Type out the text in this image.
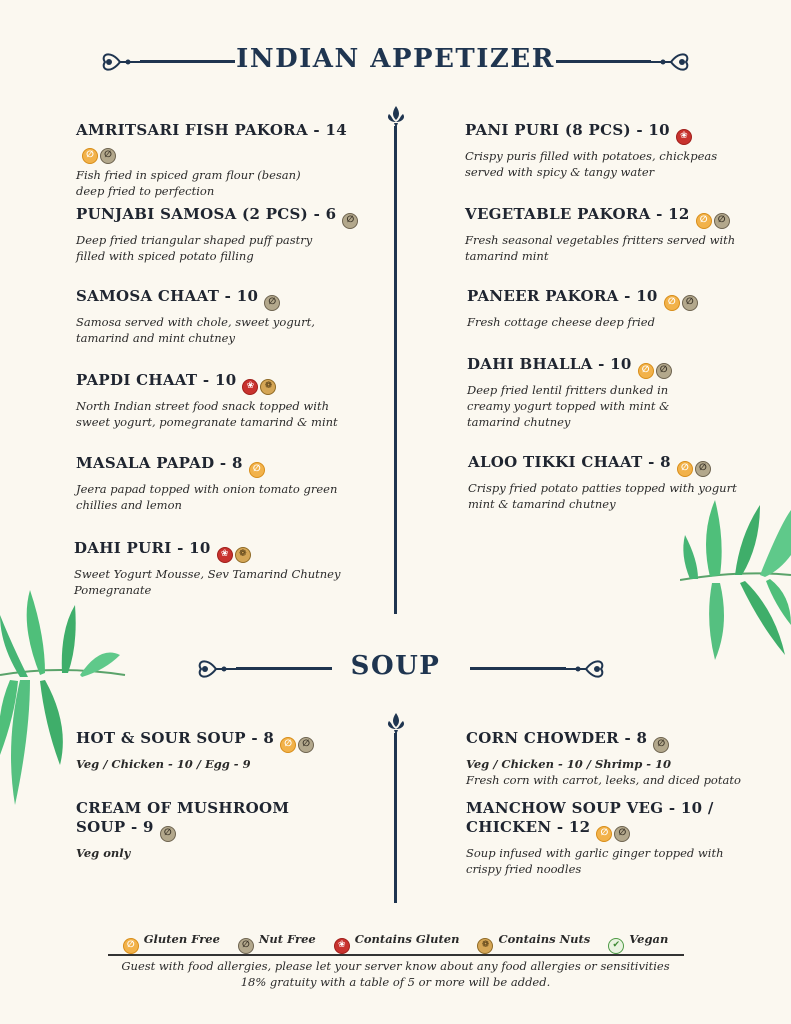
INDIAN APPETIZER
AMRITSARI FISH PAKORA - 14∅ ∅
Fish fried in spiced gram flour (besan)
deep fried to perfection
PUNJABI SAMOSA (2 PCS) - 6 ∅
Deep fried triangular shaped puff pastry
filled with spiced potato filling
SAMOSA CHAAT - 10 ∅
Samosa served with chole, sweet yogurt,
tamarind and mint chutney
PAPDI CHAAT - 10 ❀ ❁
North Indian street food snack topped with
sweet yogurt, pomegranate tamarind & mint
MASALA PAPAD - 8 ∅
Jeera papad topped with onion tomato green
chillies and lemon
DAHI PURI - 10 ❀ ❁
Sweet Yogurt Mousse, Sev Tamarind Chutney
Pomegranate
PANI PURI (8 PCS) - 10 ❀
Crispy puris filled with potatoes, chickpeas
served with spicy & tangy water
VEGETABLE PAKORA - 12 ∅ ∅
Fresh seasonal vegetables fritters served with
tamarind mint
PANEER PAKORA - 10 ∅ ∅
Fresh cottage cheese deep fried
DAHI BHALLA - 10 ∅ ∅
Deep fried lentil fritters dunked in
creamy yogurt topped with mint &
tamarind chutney
ALOO TIKKI CHAAT - 8 ∅ ∅
Crispy fried potato patties topped with yogurt
mint & tamarind chutney
SOUP
HOT & SOUR SOUP - 8 ∅ ∅
Veg / Chicken - 10 / Egg - 9
CREAM OF MUSHROOM
SOUP - 9 ∅
Veg only
CORN CHOWDER - 8 ∅
Veg / Chicken - 10 / Shrimp - 10
Fresh corn with carrot, leeks, and diced potato
MANCHOW SOUP VEG - 10 /
CHICKEN - 12 ∅ ∅
Soup infused with garlic ginger topped with
crispy fried noodles
∅ Gluten Free ∅ Nut Free ❀ Contains Gluten ❁ Contains Nuts ✔ Vegan
Guest with food allergies, please let your server know about any food allergies or sensitivities
18% gratuity with a table of 5 or more will be added.
